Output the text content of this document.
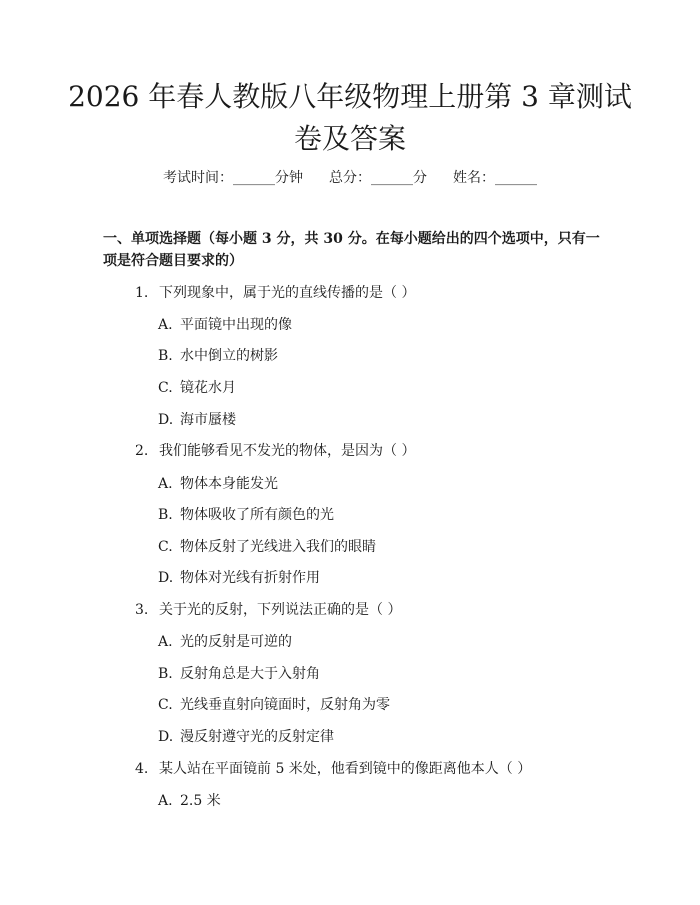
2026 年春人教版八年级物理上册第 3 章测试
卷及答案
考试时间：______分钟 总分：______分 姓名：______
一、单项选择题（每小题 3 分，共 30 分。在每小题给出的四个选项中，只有一项是符合题目要求的）
1. 下列现象中，属于光的直线传播的是（ ）
A. 平面镜中出现的像
B. 水中倒立的树影
C. 镜花水月
D. 海市蜃楼
2. 我们能够看见不发光的物体，是因为（ ）
A. 物体本身能发光
B. 物体吸收了所有颜色的光
C. 物体反射了光线进入我们的眼睛
D. 物体对光线有折射作用
3. 关于光的反射，下列说法正确的是（ ）
A. 光的反射是可逆的
B. 反射角总是大于入射角
C. 光线垂直射向镜面时，反射角为零
D. 漫反射遵守光的反射定律
4. 某人站在平面镜前 5 米处，他看到镜中的像距离他本人（ ）
A. 2.5 米
